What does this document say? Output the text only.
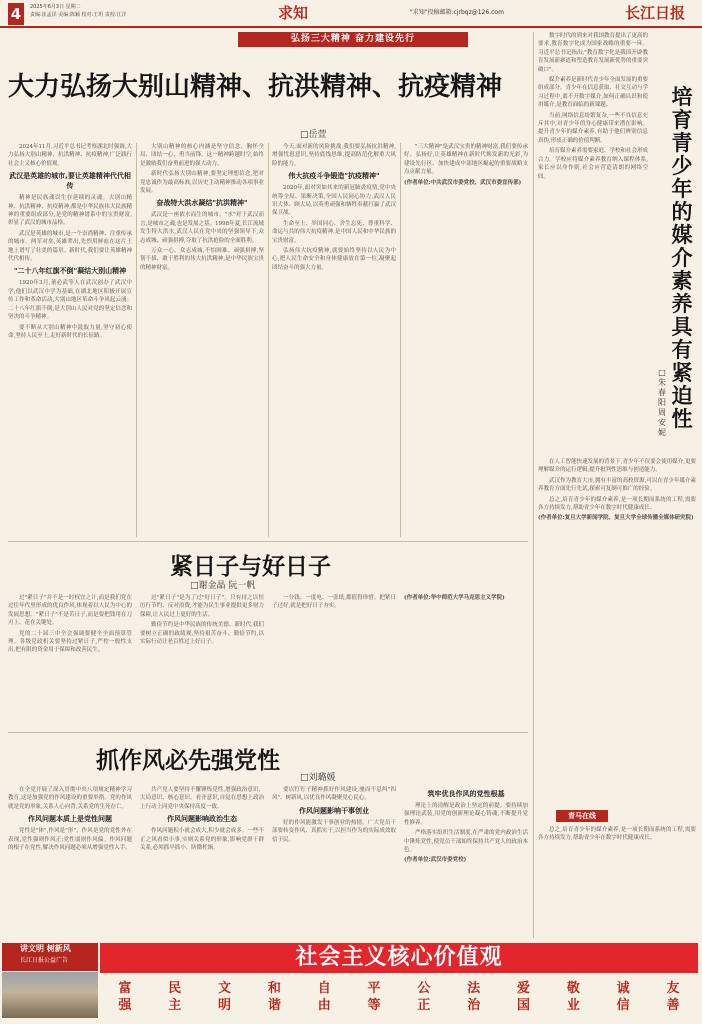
4	2025年6月3日 星期二
责编:崔孟泽 美编:陈颖 校对:王玥 责校:江洋	求知	"求知"投稿邮箱:cjrbqz@126.com	长江日报
弘扬三大精神 奋力建设先行
大力弘扬大别山精神、抗洪精神、抗疫精神
□岳萱

2024年11月,习近平总书记考察湖北时强调,大力弘扬大别山精神、抗洪精神、抗疫精神,广泛践行社会主义核心价值观。

武汉是英雄的城市,要让英雄精神代代相传

精神是民族魂以生存延续的灵魂。大别山精神、抗洪精神、抗疫精神,都是中华民族伟大民族精神的重要组成部分,是党的精神谱系中的宝贵财富,彰显了武汉的城市品格。

武汉是英雄的城市,是一个崇尚精神、注重传承的城市。两军对垒,英雄辈出,先烈用鲜血在这片土地上谱写了壮美的篇章。新时代,我们要让英雄精神代代相传。

"二十八年红旗不倒"凝结大别山精神

1920年3月,董必武等人在武汉创办了武汉中学,他们以武汉中学为基础,在湖北地区积极开展宣传工作和革命活动,大别山地区革命斗争风起云涌。二十八年红旗不倒,是大别山人民对党的坚定信念和坚决的斗争精神。

要不断从大别山精神中汲取力量,坚守初心使命,坚持人民至上,走好新时代的长征路。

大别山精神的核心内涵是坚守信念、胸怀全局、团结一心、勇当前锋。这一精神跨越时空,始终是激励我们奋勇前进的强大动力。

新时代弘扬大别山精神,要坚定理想信念,把对党忠诚作为最高标准,以历史主动精神推动各项事业发展。

奋战特大洪水凝结"抗洪精神"

武汉是一座依水而生的城市。"水"对于武汉而言,是城市之魂,也是发展之基。1998年夏,长江流域发生特大洪水,武汉人民在党中央的坚强领导下,众志成城、顽强拼搏,夺取了抗洪抢险的全面胜利。

万众一心、众志成城,不怕困难、顽强拼搏,坚韧不拔、敢于胜利的伟大抗洪精神,是中华民族宝贵的精神财富。

今天,面对新的风险挑战,我们要弘扬抗洪精神,增强忧患意识,坚持底线思维,提高防范化解重大风险的能力。

伟大抗疫斗争锻造"抗疫精神"

2020年,面对突如其来的新冠肺炎疫情,党中央统筹全局、果断决策,全国人民同心协力,武汉人民识大体、顾大局,以英勇顽强和牺牲奉献打赢了武汉保卫战。

生命至上、举国同心、舍生忘死、尊重科学、命运与共的伟大抗疫精神,是中国人民和中华民族的宝贵财富。

弘扬伟大抗疫精神,就要始终坚持以人民为中心,把人民生命安全和身体健康放在第一位,凝聚起团结奋斗的强大力量。

"三大精神"是武汉宝贵的精神财富,我们要传承好、弘扬好,让英雄精神在新时代焕发新的光彩,为建设先行区、加快建成中部地区崛起的重要战略支点贡献力量。

(作者单位:中共武汉市委党校、武汉市委宣传部)

紧日子与好日子
□谢金晶 阮一帆

过"紧日子"并不是一时权宜之计,而是我们党在过往年代里形成的优良作风,体现着以人民为中心的发展思想。"紧日子"不是苦日子,而是要把钱用在刀刃上、花在关键处。

党的二十届三中全会强调要健全全面预算管理。各级党政机关要坚持过紧日子,严控一般性支出,把有限的资金用于保障和改善民生。

过"紧日子"是为了过"好日子"。只有持之以恒厉行节约、反对浪费,才能为民生事业提供更多财力保障,让人民过上更好的生活。

勤俭节约是中华民族的传统美德。新时代,我们要树立正确的政绩观,坚持艰苦奋斗、勤俭节约,以实际行动让老百姓过上好日子。

一分钱、一度电、一张纸,都值得珍惜。把紧日子过好,就是把好日子夯实。

(作者单位:华中师范大学马克思主义学院)

抓作风必先强党性
□刘璐媛

在全党开展了深入贯彻中央八项规定精神学习教育,这是加强党的作风建设的重要举措。党的作风就是党的形象,关系人心向背,关系党的生死存亡。

作风问题本质上是党性问题

党性是"体",作风是"形"。作风是党的党性外在表现,党性强则作风正;党性弱则作风偏。作风问题的根子在党性,解决作风问题必须从增强党性入手。

共产党人要坚持不懈锤炼党性,增强政治意识、大局意识、核心意识、看齐意识,自觉在思想上政治上行动上同党中央保持高度一致。

作风问题影响政治生态

作风问题积小就会成大,积少就会成多。一些不正之风看似小事,实则关系党的形象,影响党群干群关系,必须抓早抓小、防微杜渐。

要以钉钉子精神抓好作风建设,驰而不息纠"四风"、树新风,以优良作风凝聚党心民心。

作风问题影响干事创业

好的作风能激发干事创业的热情。广大党员干部要转变作风、真抓实干,以担当作为的实际成效取信于民。

筑牢优良作风的党性根基

理论上的清醒是政治上坚定的前提。要持续加强理论武装,用党的创新理论凝心铸魂,不断提升党性修养。

严格落实组织生活制度,在严肃的党内政治生活中锤炼党性,使党员干部始终保持共产党人的政治本色。

(作者单位:武汉市委党校)

数字时代的到来对我国教育提出了更高的要求,教育数字化成为国家战略的重要一环。习近平总书记指出,"教育数字化是我国开辟教育发展新赛道和塑造教育发展新优势的重要突破口"。

媒介素养是新时代青少年全面发展的重要组成部分。青少年在信息获取、社交互动与学习过程中,离不开数字媒介,如何正确认识和使用媒介,是教育面临的新课题。

当前,网络信息纷繁复杂,一些不良信息充斥其中,对青少年的身心健康带来潜在影响。提升青少年的媒介素养,有助于他们辨别信息真伪,形成正确的价值判断。

培育媒介素养需要家庭、学校和社会形成合力。学校应将媒介素养教育纳入课程体系,家长应以身作则,社会应营造清朗的网络空间。

培育青少年的媒介素养具有紧迫性
□朱春阳 周安妮

在人工智能快速发展的背景下,青少年不仅要会使用媒介,更要理解媒介的运行逻辑,提升批判性思维与创造能力。

武汉作为教育大市,拥有丰富的高校资源,可以在青少年媒介素养教育方面先行先试,探索可复制可推广的经验。

总之,培育青少年的媒介素养,是一项长期而系统的工程,需要各方持续发力,帮助青少年在数字时代健康成长。

(作者单位:复旦大学新闻学院、复旦大学全球传播全媒体研究院)

青马在线

总之,培育青少年的媒介素养,是一项长期而系统的工程,需要各方持续发力,帮助青少年在数字时代健康成长。

讲文明 树新风
长江日报公益广告	社会主义核心价值观
富强
民主
文明
和谐
自由
平等
公正
法治
爱国
敬业
诚信
友善
